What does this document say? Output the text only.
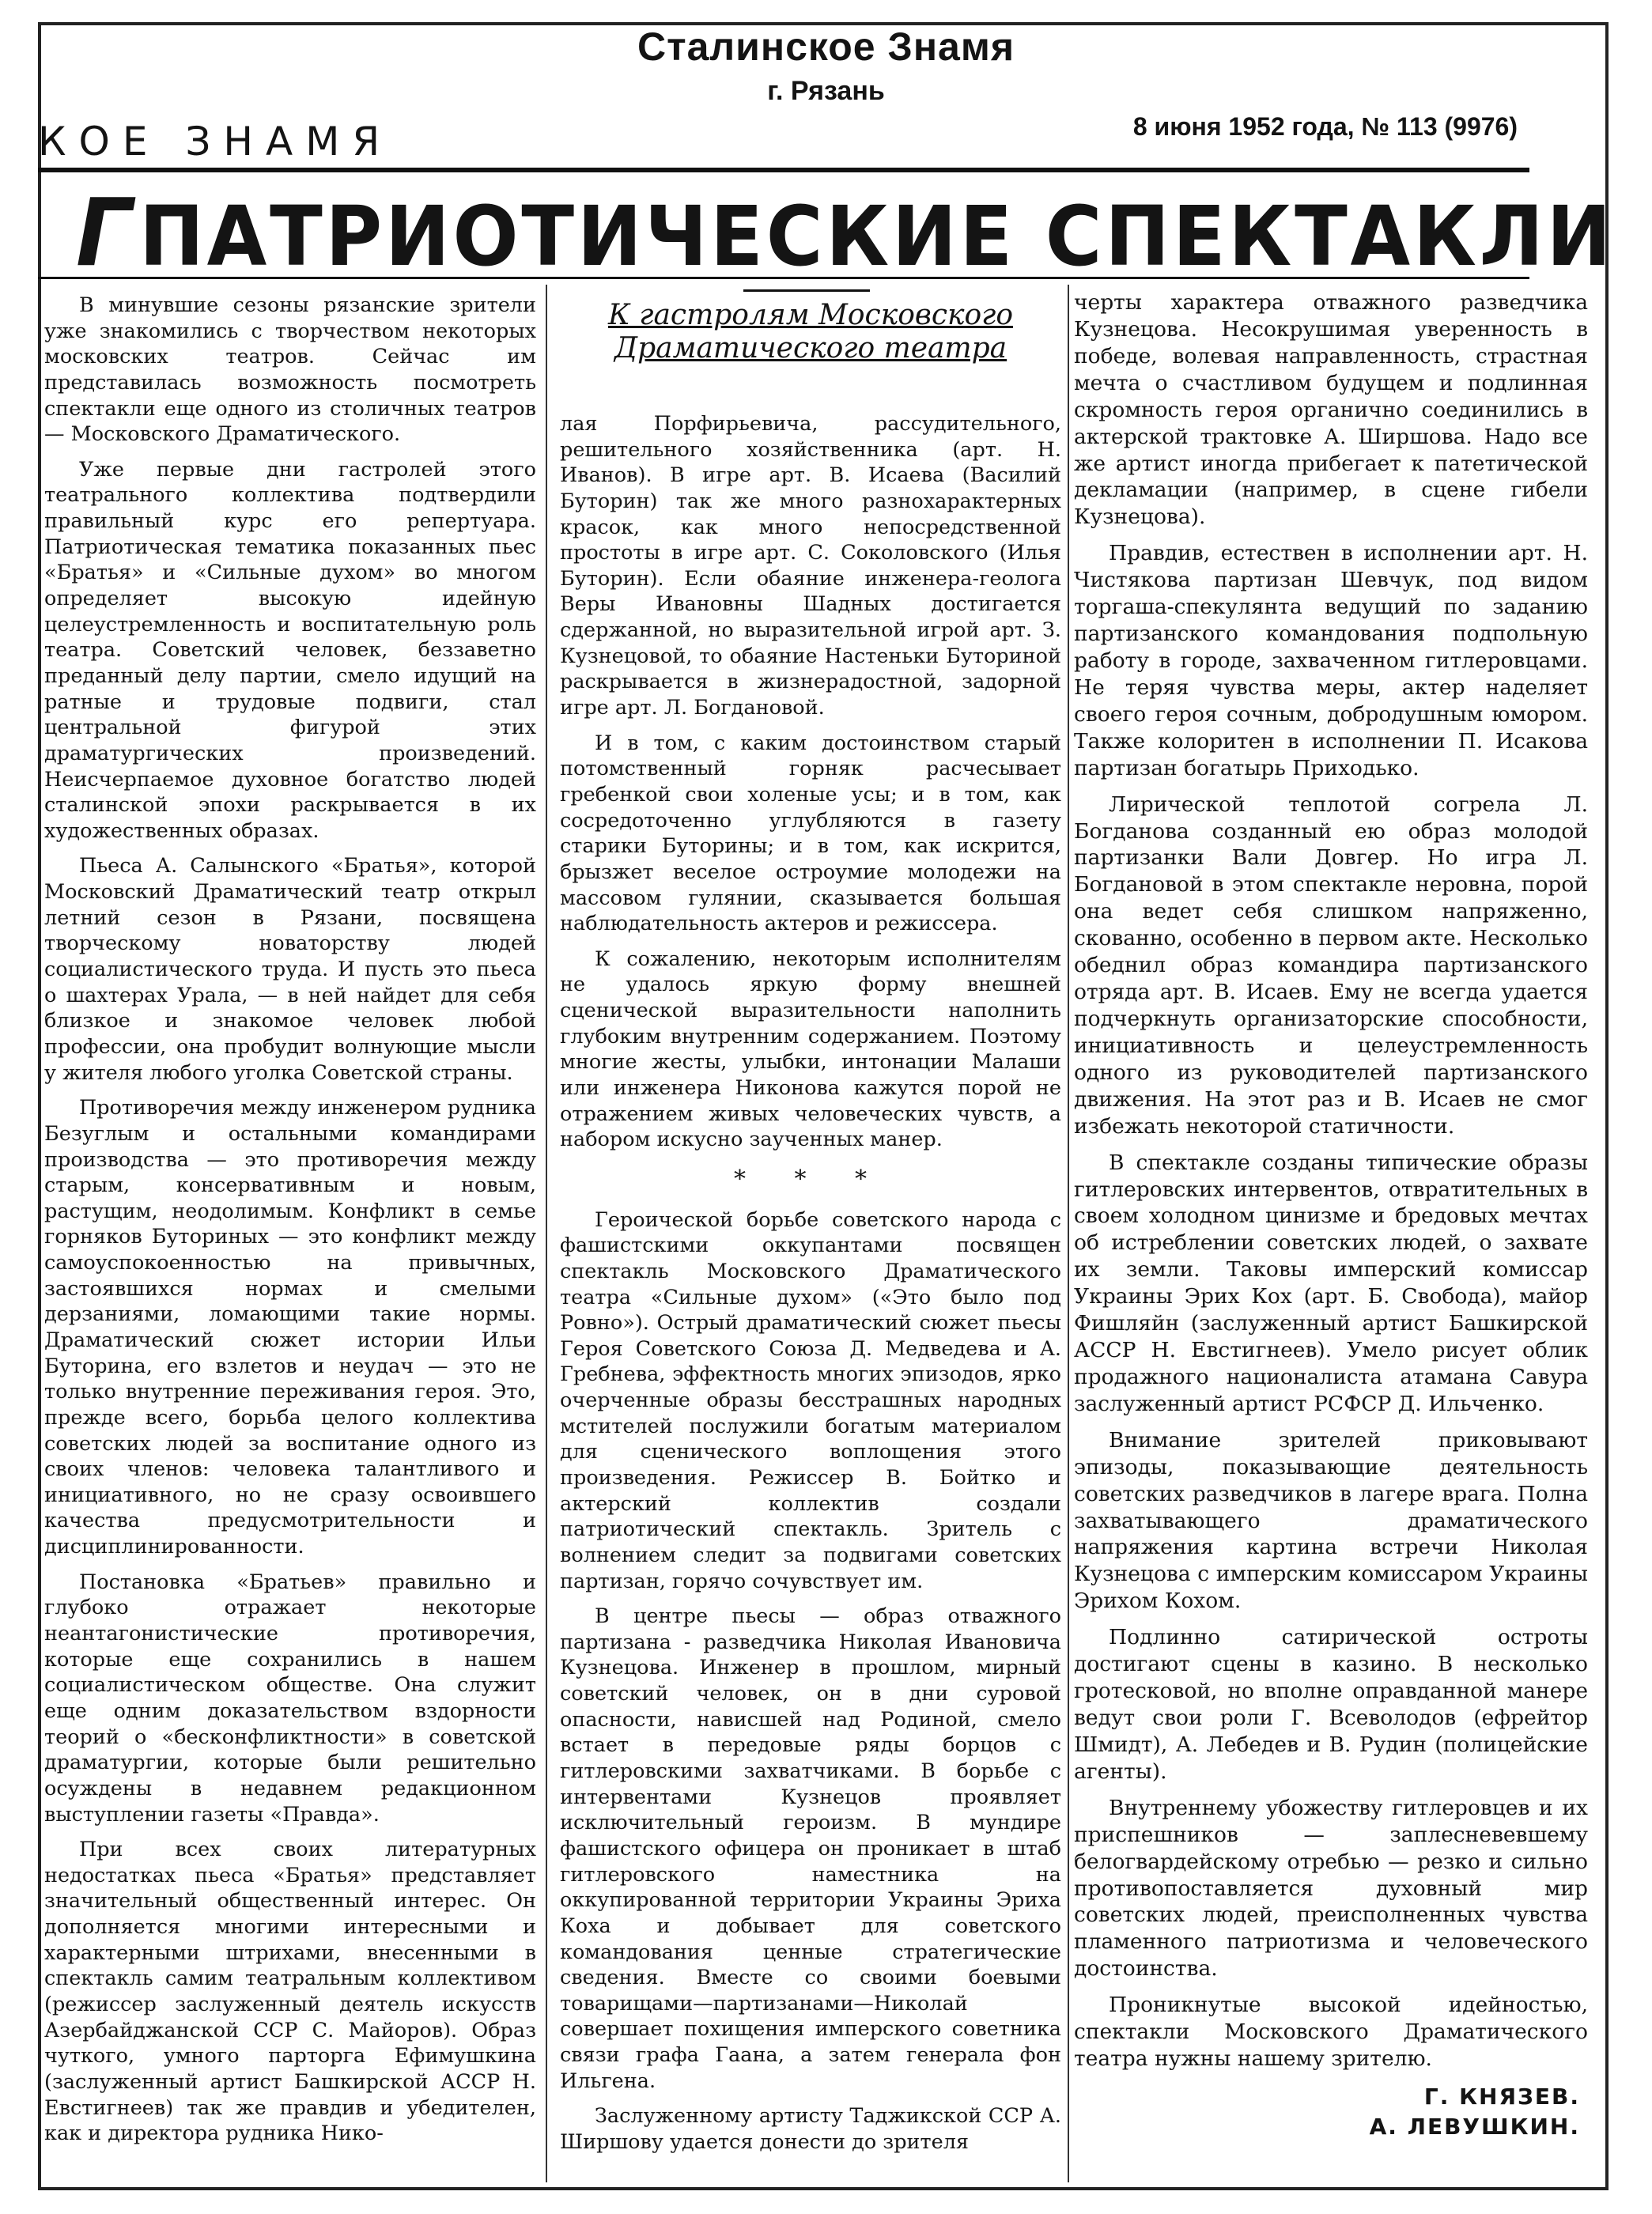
Сталинское Знамя
г. Рязань
КОЕ ЗНАМЯ	8 июня 1952 года, № 113 (9976)
ГПАТРИОТИЧЕСКИЕ СПЕКТАКЛИ

В минувшие сезоны рязанские зрители уже знакомились с творчеством некоторых московских театров. Сейчас им представилась возможность посмотреть спектакли еще одного из столичных театров — Московского Драматического.

Уже первые дни гастролей этого театрального коллектива подтвердили правильный курс его репертуара. Патриотическая тематика показанных пьес «Братья» и «Сильные духом» во многом определяет высокую идейную целеустремленность и воспитательную роль театра. Советский человек, беззаветно преданный делу партии, смело идущий на ратные и трудовые подвиги, стал центральной фигурой этих драматургических произведений. Неисчерпаемое духовное богатство людей сталинской эпохи раскрывается в их художественных образах.

Пьеса А. Салынского «Братья», которой Московский Драматический театр открыл летний сезон в Рязани, посвящена творческому новаторству людей социалистического труда. И пусть это пьеса о шахтерах Урала, — в ней найдет для себя близкое и знакомое человек любой профессии, она пробудит волнующие мысли у жителя любого уголка Советской страны.

Противоречия между инженером рудника Безуглым и остальными командирами производства — это противоречия между старым, консервативным и новым, растущим, неодолимым. Конфликт в семье горняков Бутoриных — это конфликт между самоуспокоенностью на привычных, застоявшихся нормах и смелыми дерзаниями, ломающими такие нормы. Драматический сюжет истории Ильи Буторина, его взлетов и неудач — это не только внутренние переживания героя. Это, прежде всего, борьба целого коллектива советских людей за воспитание одного из своих членов: человека талантливого и инициативного, но не сразу освоившего качества предусмотрительности и дисциплинированности.

Постановка «Братьев» правильно и глубоко отражает некоторые неантагонистические противоречия, которые еще сохранились в нашем социалистическом обществе. Она служит еще одним доказательством вздорности теорий о «бесконфликтности» в советской драматургии, которые были решительно осуждены в недавнем редакционном выступлении газеты «Правда».

При всех своих литературных недостатках пьеса «Братья» представляет значительный общественный интерес. Он дополняется многими интересными и характерными штрихами, внесенными в спектакль самим театральным коллективом (режиссер заслуженный деятель искусств Азербайджанской ССР С. Майоров). Образ чуткого, умного парторга Ефимушкина (заслуженный артист Башкирской АССР Н. Евстигнеев) так же правдив и убедителен, как и директора рудника Нико-

К гастролям Московского
Драматического театра

лая Порфирьевича, рассудительного, решительного хозяйственника (арт. Н. Иванов). В игре арт. В. Исаева (Василий Буторин) так же много разнохарактерных красок, как много непосредственной простоты в игре арт. С. Соколовского (Илья Буторин). Если обаяние инженера-геолога Веры Ивановны Шадных достигается сдержанной, но выразительной игрой арт. З. Кузнецовой, то обаяние Настеньки Буториной раскрывается в жизнерадостной, задорной игре арт. Л. Богдановой.

И в том, с каким достоинством старый потомственный горняк расчесывает гребенкой свои холеные усы; и в том, как сосредоточенно углубляются в газету старики Буторины; и в том, как искрится, брызжет веселое остроумие молодежи на массовом гулянии, сказывается большая наблюдательность актеров и режиссера.

К сожалению, некоторым исполнителям не удалось яркую форму внешней сценической выразительности наполнить глубоким внутренним содержанием. Поэтому многие жесты, улыбки, интонации Малаши или инженера Никонова кажутся порой не отражением живых человеческих чувств, а набором искусно заученных манер.

* * *

Героической борьбе советского народа с фашистскими оккупантами посвящен спектакль Московского Драматического театра «Сильные духом» («Это было под Ровно»). Острый драматический сюжет пьесы Героя Советского Союза Д. Медведева и А. Гребнева, эффектность многих эпизодов, ярко очерченные образы бесстрашных народных мстителей послужили богатым материалом для сценического воплощения этого произведения. Режиссер В. Бойтко и актерский коллектив создали патриотический спектакль. Зритель с волнением следит за подвигами советских партизан, горячо сочувствует им.

В центре пьесы — образ отважного партизана - разведчика Николая Ивановича Кузнецова. Инженер в прошлом, мирный советский человек, он в дни суровой опасности, нависшей над Родиной, смело встает в передовые ряды борцов с гитлеровскими захватчиками. В борьбе с интервентами Кузнецов проявляет исключительный героизм. В мундире фашистского офицера он проникает в штаб гитлеровского наместника на оккупированной территории Украины Эриха Коха и добывает для советского командования ценные стратегические сведения. Вместе со своими боевыми товарищами—партизанами—Николай совершает похищения имперского советника связи графа Гаана, а затем генерала фон Ильгена.

Заслуженному артисту Таджикской ССР А. Ширшову удается донести до зрителя

черты характера отважного разведчика Кузнецова. Несокрушимая уверенность в победе, волевая направленность, страстная мечта о счастливом будущем и подлинная скромность героя органично соединились в актерской трактовке А. Ширшова. Надо все же артист иногда прибегает к патетической декламации (например, в сцене гибели Кузнецова).

Правдив, естествен в исполнении арт. Н. Чистякова партизан Шевчук, под видом торгаша-спекулянта ведущий по заданию партизанского командования подпольную работу в городе, захваченном гитлеровцами. Не теряя чувства меры, актер наделяет своего героя сочным, добродушным юмором. Также колоритен в исполнении П. Исакова партизан богатырь Приходько.

Лирической теплотой согрела Л. Богданова созданный ею образ молодой партизанки Вали Довгер. Но игра Л. Богдановой в этом спектакле неровна, порой она ведет себя слишком напряженно, скованно, особенно в первом акте. Несколько обеднил образ командира партизанского отряда арт. В. Исаев. Ему не всегда удается подчеркнуть организаторские способности, инициативность и целеустремленность одного из руководителей партизанского движения. На этот раз и В. Исаев не смог избежать некоторой статичности.

В спектакле созданы типические образы гитлеровских интервентов, отвратительных в своем холодном цинизме и бредовых мечтах об истреблении советских людей, о захвате их земли. Таковы имперский комиссар Украины Эрих Кох (арт. Б. Свобода), майор Фишляйн (заслуженный артист Башкирской АССР Н. Евстигнеев). Умело рисует облик продажного националиста атамана Савура заслуженный артист РСФСР Д. Ильченко.

Внимание зрителей приковывают эпизоды, показывающие деятельность советских разведчиков в лагере врага. Полна захватывающего драматического напряжения картина встречи Николая Кузнецова с имперским комиссаром Украины Эрихом Кохом.

Подлинно сатирической остроты достигают сцены в казино. В несколько гротесковой, но вполне оправданной манере ведут свои роли Г. Всеволодов (ефрейтор Шмидт), А. Лебедев и В. Рудин (полицейские агенты).

Внутреннему убожеству гитлеровцев и их приспешников — заплесневевшему белогвардейскому отребью — резко и сильно противопоставляется духовный мир советских людей, преисполненных чувства пламенного патриотизма и человеческого достоинства.

Проникнутые высокой идейностью, спектакли Московского Драматического театра нужны нашему зрителю.

Г. КНЯЗЕВ.
А. ЛЕВУШКИН.
